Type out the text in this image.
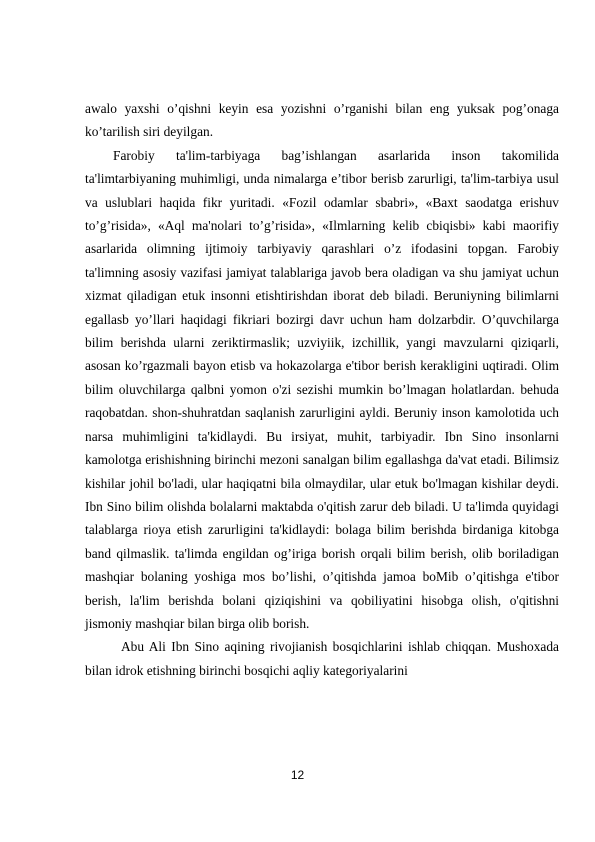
awalo yaxshi o’qishni keyin esa yozishni o’rganishi bilan eng yuksak pog’onaga ko’tarilish siri deyilgan.

Farobiy ta'lim-tarbiyaga bag’ishlangan asarlarida inson takomilida ta'limtarbiyaning muhimligi, unda nimalarga e’tibor berisb zarurligi, ta'lim-tarbiya usul va uslublari haqida fikr yuritadi. «Fozil odamlar sbabri», «Baxt saodatga erishuv to’g’risida», «Aql ma'nolari to’g’risida», «Ilmlarning kelib cbiqisbi» kabi maorifiy asarlarida olimning ijtimoiy tarbiyaviy qarashlari o’z ifodasini topgan. Farobiy ta'limning asosiy vazifasi jamiyat talablariga javob bera oladigan va shu jamiyat uchun xizmat qiladigan etuk insonni etishtirishdan iborat deb biladi. Beruniyning bilimlarni egallasb yo’llari haqidagi fikriari bozirgi davr uchun ham dolzarbdir. O’quvchilarga bilim berishda ularni zeriktirmaslik; uzviyiik, izchillik, yangi mavzularni qiziqarli, asosan ko’rgazmali bayon etisb va hokazolarga e'tibor berish kerakligini uqtiradi. Olim bilim oluvchilarga qalbni yomon o'zi sezishi mumkin bo’lmagan holatlardan. behuda raqobatdan. shon-shuhratdan saqlanish zarurligini ayldi. Beruniy inson kamolotida uch narsa muhimligini ta'kidlaydi. Bu irsiyat, muhit, tarbiyadir. Ibn Sino insonlarni kamolotga erishishning birinchi mezoni sanalgan bilim egallashga da'vat etadi. Bilimsiz kishilar johil bo'ladi, ular haqiqatni bila olmaydilar, ular etuk bo'lmagan kishilar deydi. Ibn Sino bilim olishda bolalarni maktabda o'qitish zarur deb biladi. U ta'limda quyidagi talablarga rioya etish zarurligini ta'kidlaydi: bolaga bilim berishda birdaniga kitobga band qilmaslik. ta'limda engildan og’iriga borish orqali bilim berish, olib boriladigan mashqiar bolaning yoshiga mos bo’lishi, o’qitishda jamoa boMib o’qitishga e'tibor berish, la'lim berishda bolani qiziqishini va qobiliyatini hisobga olish, o'qitishni jismoniy mashqiar bilan birga olib borish.

Abu Ali Ibn Sino aqining rivojianish bosqichlarini ishlab chiqqan. Mushoxada bilan idrok etishning birinchi bosqichi aqliy kategoriyalarini

12
